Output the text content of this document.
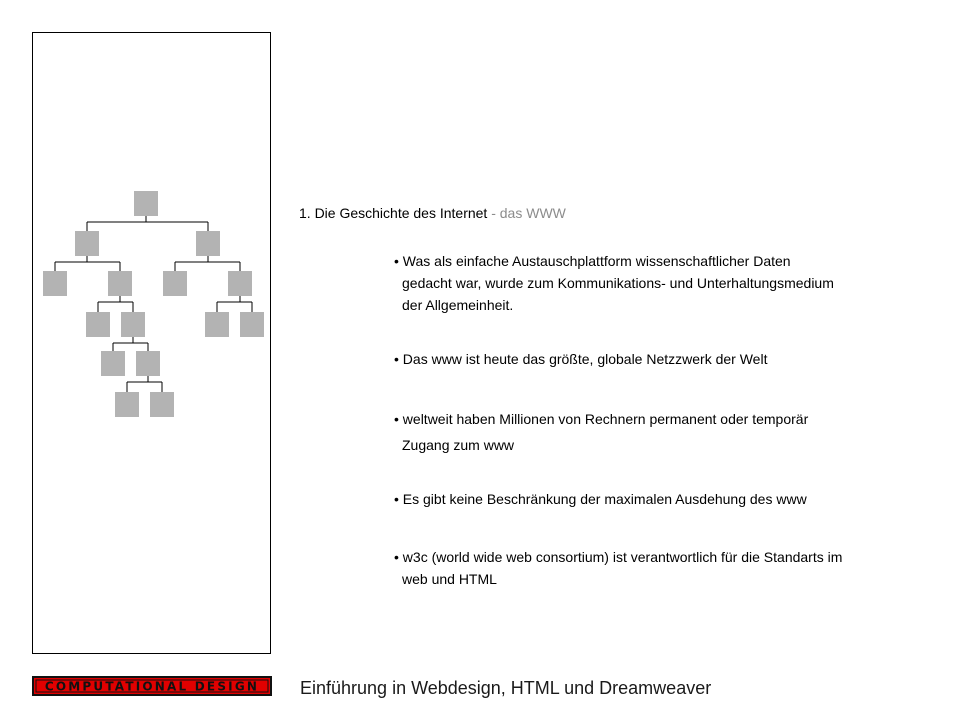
1. Die Geschichte des Internet - das WWW
• Was als einfache Austauschplattform wissenschaftlicher Daten
gedacht war, wurde zum Kommunikations- und Unterhaltungsmedium
der Allgemeinheit.
• Das www ist heute das größte, globale Netzzwerk der Welt
• weltweit haben Millionen von Rechnern permanent oder temporär
Zugang zum www
• Es gibt keine Beschränkung der maximalen Ausdehung des www
• w3c (world wide web consortium) ist verantwortlich für die Standarts im
web und HTML
COMPUTATIONAL DESIGN Einführung in Webdesign, HTML und Dreamweaver
